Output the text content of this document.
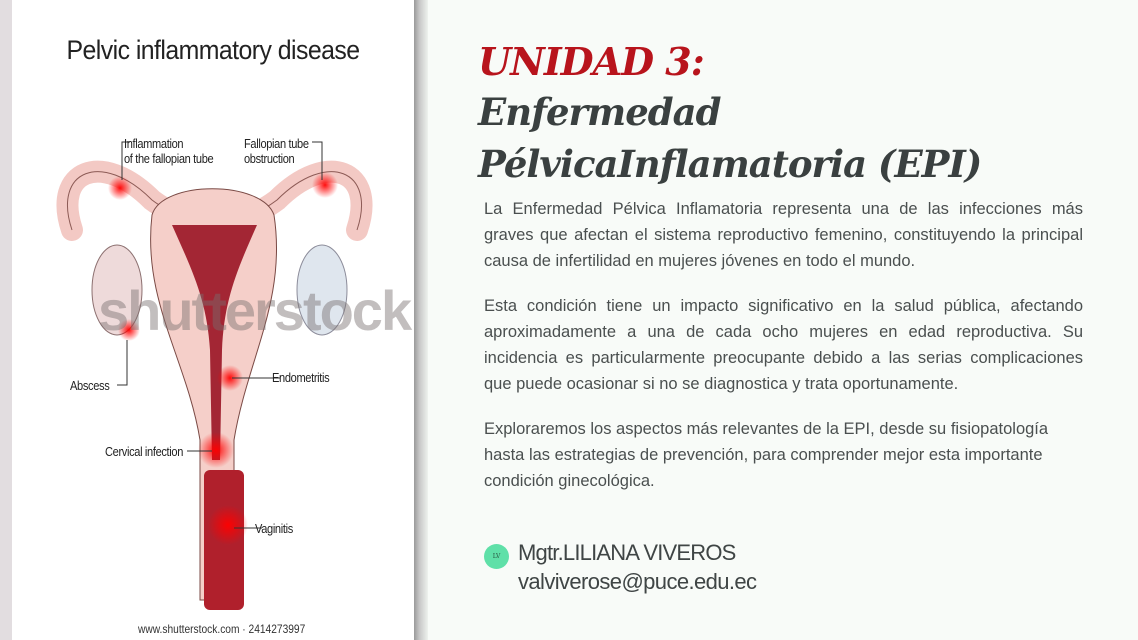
Pelvic inflammatory disease
shutterstock
Inflammation
of the fallopian tube
Fallopian tube
obstruction
Abscess
Endometritis
Cervical infection
Vaginitis
www.shutterstock.com · 2414273997
UNIDAD 3:
Enfermedad
PélvicaInflamatoria (EPI)
La Enfermedad Pélvica Inflamatoria representa una de las infecciones más graves que afectan el sistema reproductivo femenino, constituyendo la principal causa de infertilidad en mujeres jóvenes en todo el mundo.
Esta condición tiene un impacto significativo en la salud pública, afectando aproximadamente a una de cada ocho mujeres en edad reproductiva. Su incidencia es particularmente preocupante debido a las serias complicaciones que puede ocasionar si no se diagnostica y trata oportunamente.
Exploraremos los aspectos más relevantes de la EPI, desde su fisiopatología hasta las estrategias de prevención, para comprender mejor esta importante condición ginecológica.
LV Mgtr.LILIANA VIVEROS
valviverose@puce.edu.ec
